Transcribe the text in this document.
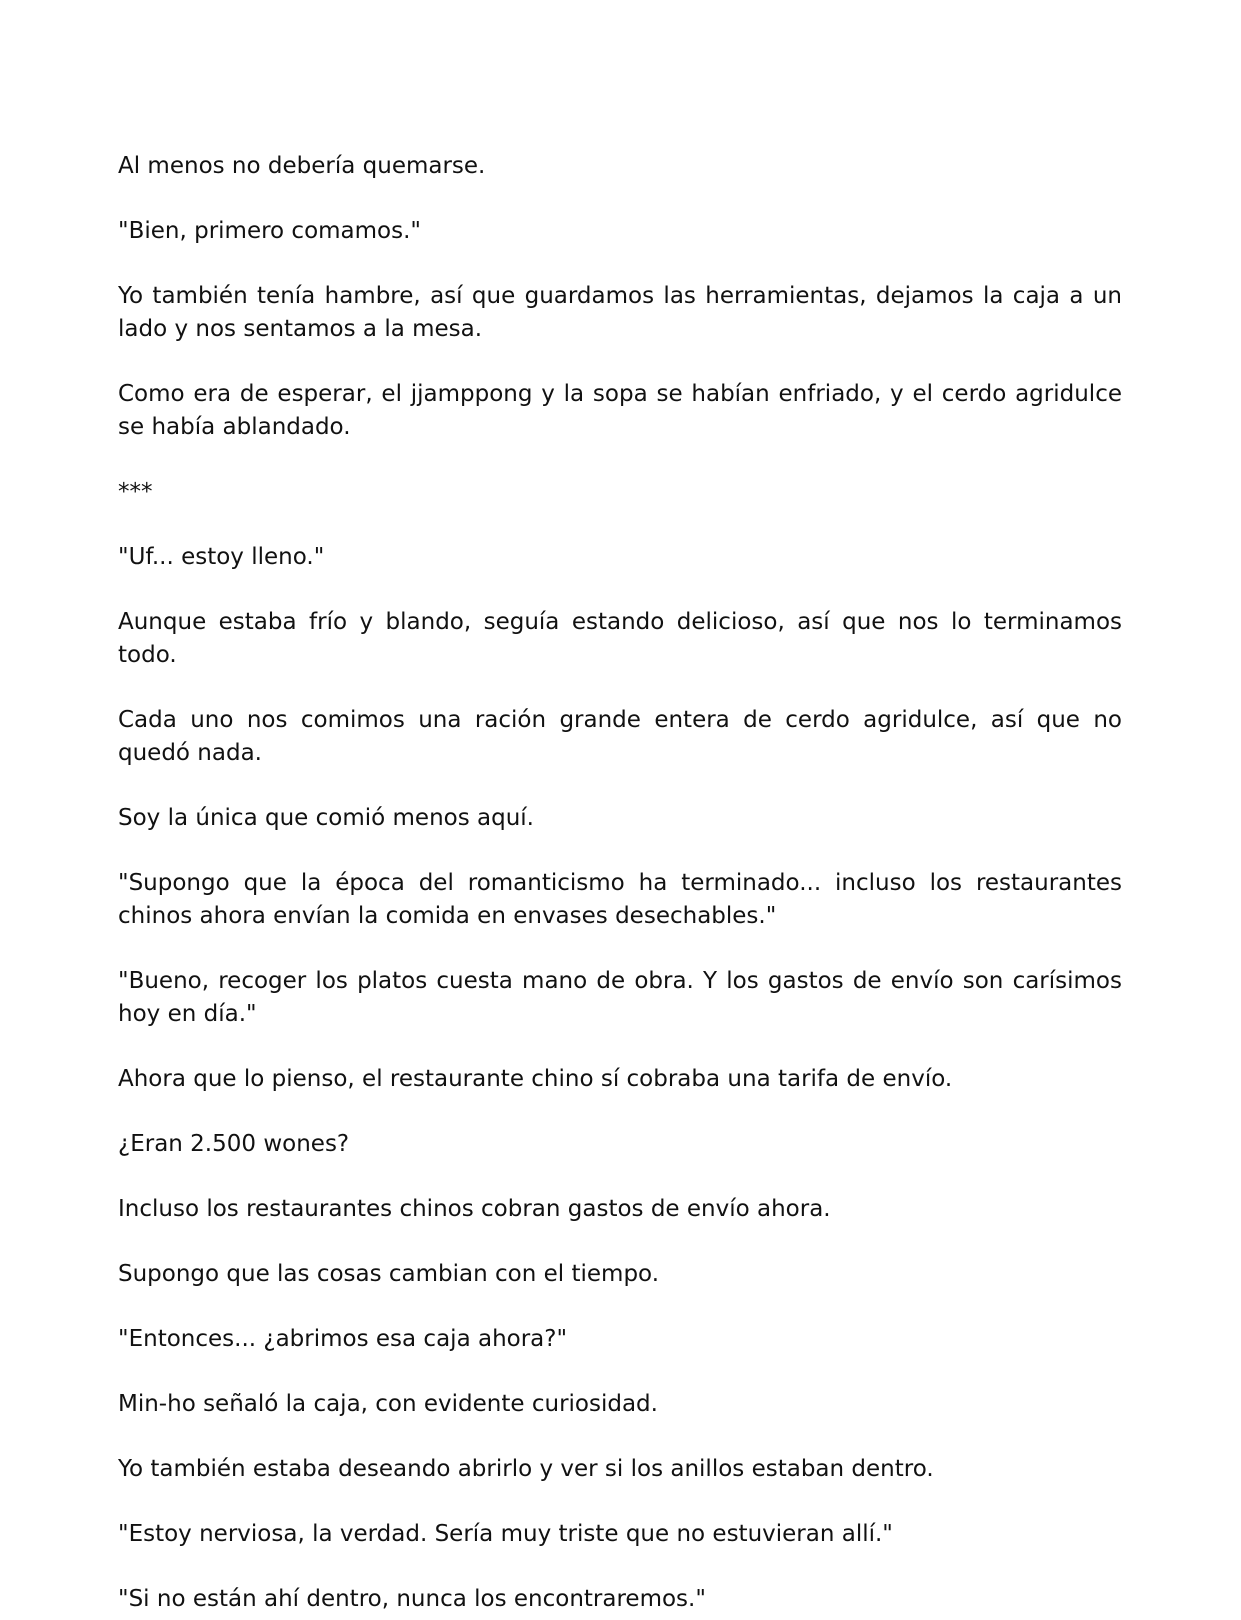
Al menos no debería quemarse.

"Bien, primero comamos."

Yo también tenía hambre, así que guardamos las herramientas, dejamos la caja a un lado y nos sentamos a la mesa.

Como era de esperar, el jjamppong y la sopa se habían enfriado, y el cerdo agridulce se había ablandado.

***

"Uf... estoy lleno."

Aunque estaba frío y blando, seguía estando delicioso, así que nos lo terminamos todo.

Cada uno nos comimos una ración grande entera de cerdo agridulce, así que no quedó nada.

Soy la única que comió menos aquí.

"Supongo que la época del romanticismo ha terminado... incluso los restaurantes chinos ahora envían la comida en envases desechables."

"Bueno, recoger los platos cuesta mano de obra. Y los gastos de envío son carísimos hoy en día."

Ahora que lo pienso, el restaurante chino sí cobraba una tarifa de envío.

¿Eran 2.500 wones?

Incluso los restaurantes chinos cobran gastos de envío ahora.

Supongo que las cosas cambian con el tiempo.

"Entonces... ¿abrimos esa caja ahora?"

Min-ho señaló la caja, con evidente curiosidad.

Yo también estaba deseando abrirlo y ver si los anillos estaban dentro.

"Estoy nerviosa, la verdad. Sería muy triste que no estuvieran allí."

"Si no están ahí dentro, nunca los encontraremos."
